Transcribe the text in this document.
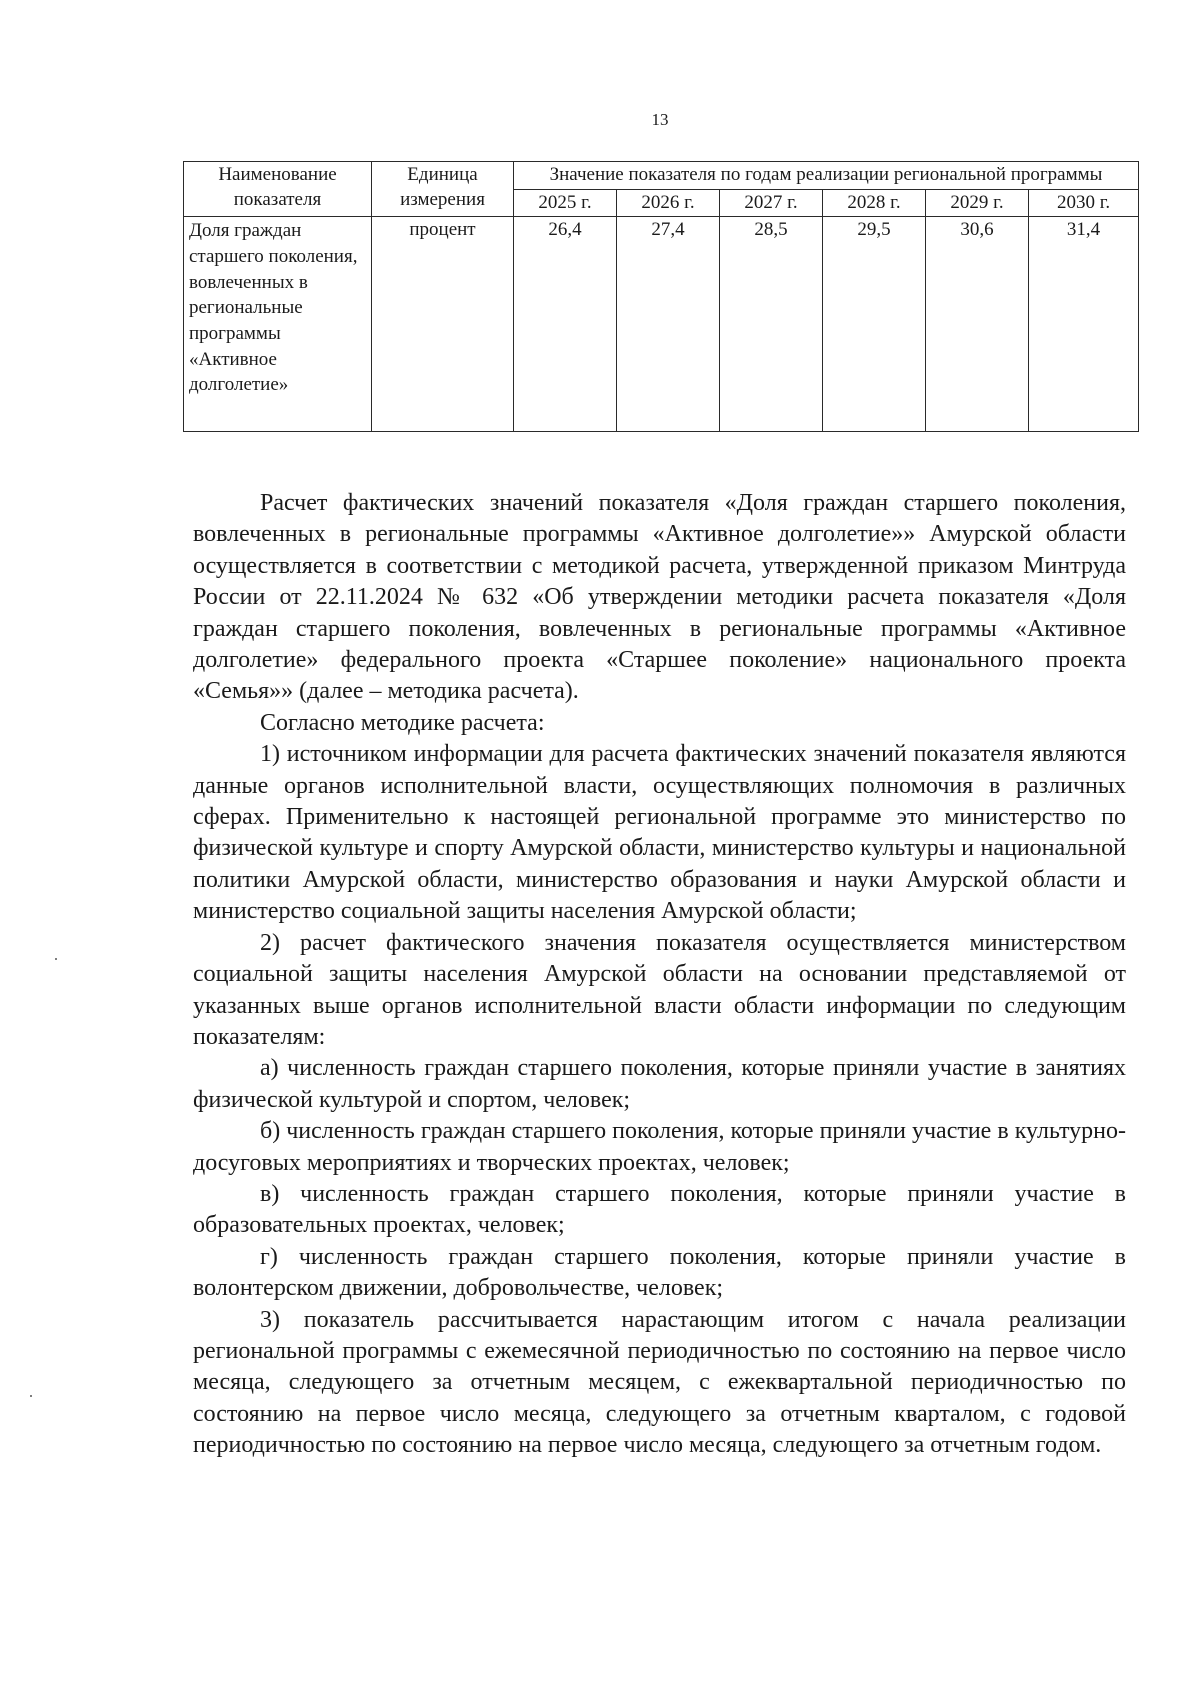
13
Наименование показателя	Единица измерения	Значение показателя по годам реализации региональной программы					
		2025 г.	2026 г.	2027 г.	2028 г.	2029 г.	2030 г.
Доля граждан старшего поколения, вовлеченных в региональные программы «Активное долголетие»	процент	26,4	27,4	28,5	29,5	30,6	31,4

Расчет фактических значений показателя «Доля граждан старшего поколения, вовлеченных в региональные программы «Активное долголетие»» Амурской области осуществляется в соответствии с методикой расчета, утвержденной приказом Минтруда России от 22.11.2024 № 632 «Об утверждении методики расчета показателя «Доля граждан старшего поколения, вовлеченных в региональные программы «Активное долголетие» федерального проекта «Старшее поколение» национального проекта «Семья»» (далее – методика расчета).

Согласно методике расчета:

1) источником информации для расчета фактических значений показателя являются данные органов исполнительной власти, осуществляющих полномочия в различных сферах. Применительно к настоящей региональной программе это министерство по физической культуре и спорту Амурской области, министерство культуры и национальной политики Амурской области, министерство образования и науки Амурской области и министерство социальной защиты населения Амурской области;

2) расчет фактического значения показателя осуществляется министерством социальной защиты населения Амурской области на основании представляемой от указанных выше органов исполнительной власти области информации по следующим показателям:

а) численность граждан старшего поколения, которые приняли участие в занятиях физической культурой и спортом, человек;

б) численность граждан старшего поколения, которые приняли участие в культурно-досуговых мероприятиях и творческих проектах, человек;

в) численность граждан старшего поколения, которые приняли участие в образовательных проектах, человек;

г) численность граждан старшего поколения, которые приняли участие в волонтерском движении, добровольчестве, человек;

3) показатель рассчитывается нарастающим итогом с начала реализации региональной программы с ежемесячной периодичностью по состоянию на первое число месяца, следующего за отчетным месяцем, с ежеквартальной периодичностью по состоянию на первое число месяца, следующего за отчетным кварталом, с годовой периодичностью по состоянию на первое число месяца, следующего за отчетным годом.
